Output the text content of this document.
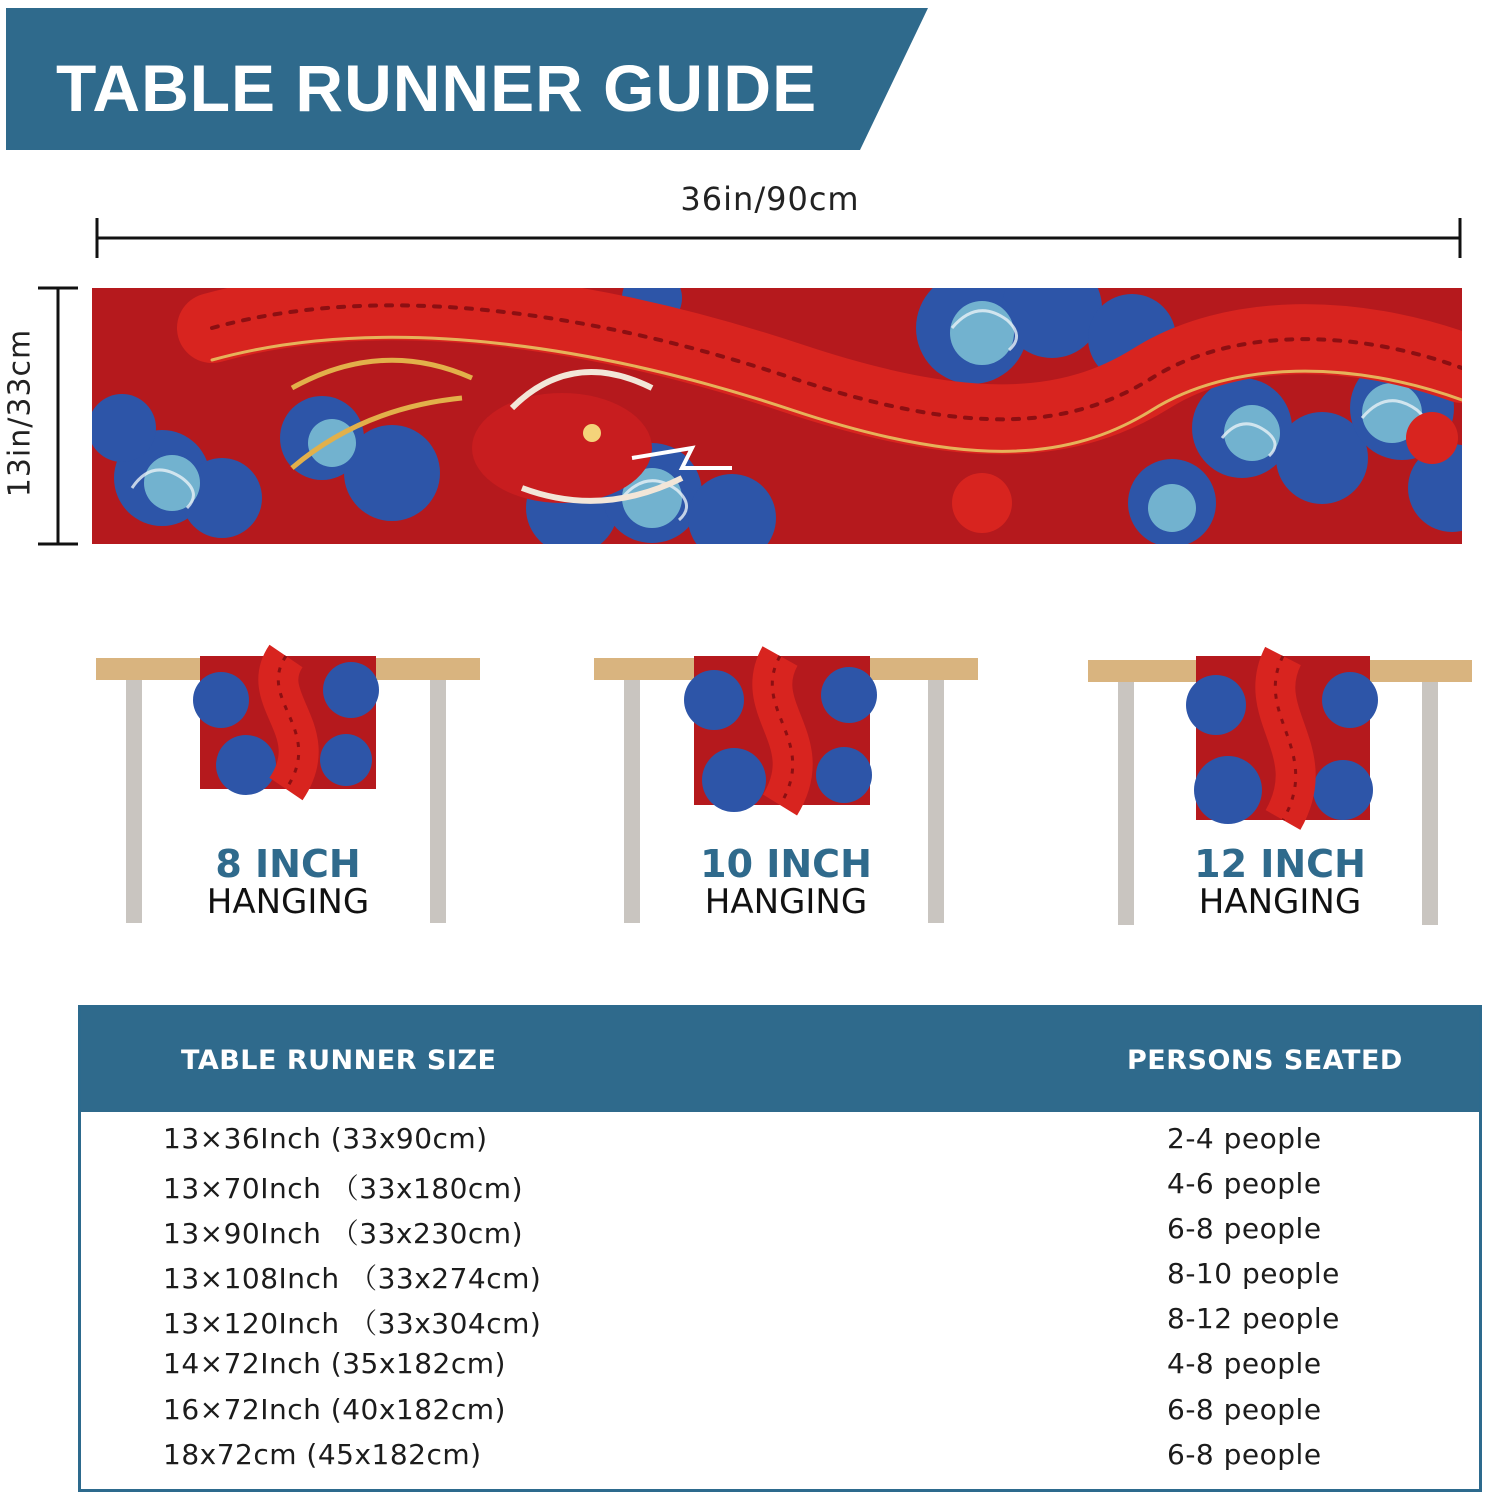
TABLE RUNNER GUIDE
36in/90cm
13in/33cm
8 INCH
HANGING
10 INCH
HANGING
12 INCH
HANGING
TABLE RUNNER SIZE	PERSONS SEATED
13×36Inch (33x90cm)	2-4 people
13×70Inch （33x180cm)	4-6 people
13×90Inch （33x230cm)	6-8 people
13×108Inch （33x274cm)	8-10 people
13×120Inch （33x304cm)	8-12 people
14×72Inch (35x182cm)	4-8 people
16×72Inch (40x182cm)	6-8 people
18x72cm (45x182cm)	6-8 people
